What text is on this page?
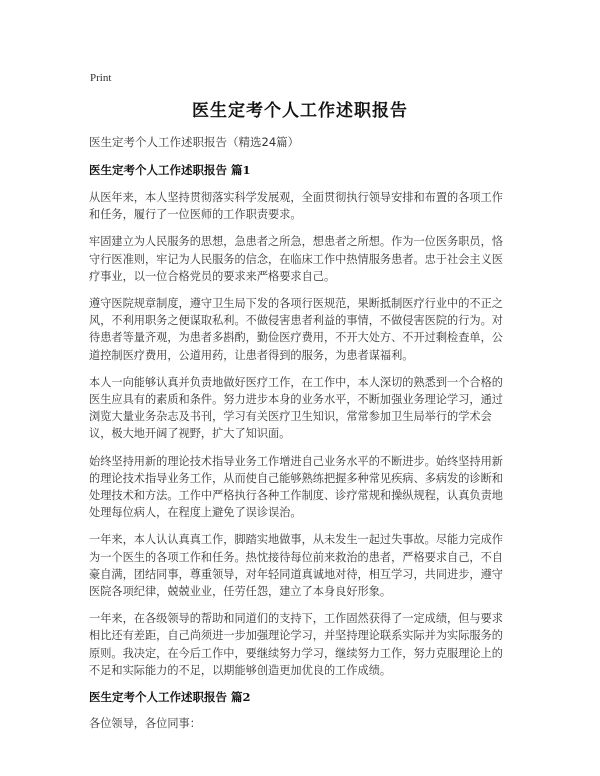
Print
医生定考个人工作述职报告

医生定考个人工作述职报告（精选24篇）

医生定考个人工作述职报告 篇1

从医年来，本人坚持贯彻落实科学发展观，全面贯彻执行领导安排和布置的各项工作和任务，履行了一位医师的工作职责要求。

牢固建立为人民服务的思想，急患者之所急，想患者之所想。作为一位医务职员，恪守行医准则，牢记为人民服务的信念，在临床工作中热情服务患者。忠于社会主义医疗事业，以一位合格党员的要求来严格要求自己。

遵守医院规章制度，遵守卫生局下发的各项行医规范，果断抵制医疗行业中的不正之风，不利用职务之便谋取私利。不做侵害患者利益的事情，不做侵害医院的行为。对待患者等量齐观，为患者多斟酌，勤俭医疗费用，不开大处方、不开过剩检查单，公道控制医疗费用，公道用药，让患者得到的服务，为患者谋福利。

本人一向能够认真并负责地做好医疗工作，在工作中，本人深切的熟悉到一个合格的医生应具有的素质和条件。努力进步本身的业务水平，不断加强业务理论学习，通过浏览大量业务杂志及书刊，学习有关医疗卫生知识，常常参加卫生局举行的学术会议，极大地开阔了视野，扩大了知识面。

始终坚持用新的理论技术指导业务工作增进自己业务水平的不断进步。始终坚持用新的理论技术指导业务工作，从而使自己能够熟练把握多种常见疾病、多病发的诊断和处理技术和方法。工作中严格执行各种工作制度、诊疗常规和操纵规程，认真负责地处理每位病人，在程度上避免了误诊误治。

一年来，本人认认真真工作，脚踏实地做事，从未发生一起过失事故。尽能力完成作为一个医生的各项工作和任务。热忱接待每位前来救治的患者，严格要求自己，不自豪自满，团结同事，尊重领导，对年轻同道真诚地对待，相互学习，共同进步，遵守医院各项纪律，兢兢业业，任劳任怨，建立了本身良好形象。

一年来，在各级领导的帮助和同道们的支持下，工作固然获得了一定成绩，但与要求相比还有差距，自己尚须进一步加强理论学习，并坚持理论联系实际并为实际服务的原则。我决定，在今后工作中，要继续努力学习，继续努力工作，努力克服理论上的不足和实际能力的不足，以期能够创造更加优良的工作成绩。

医生定考个人工作述职报告 篇2

各位领导，各位同事：
